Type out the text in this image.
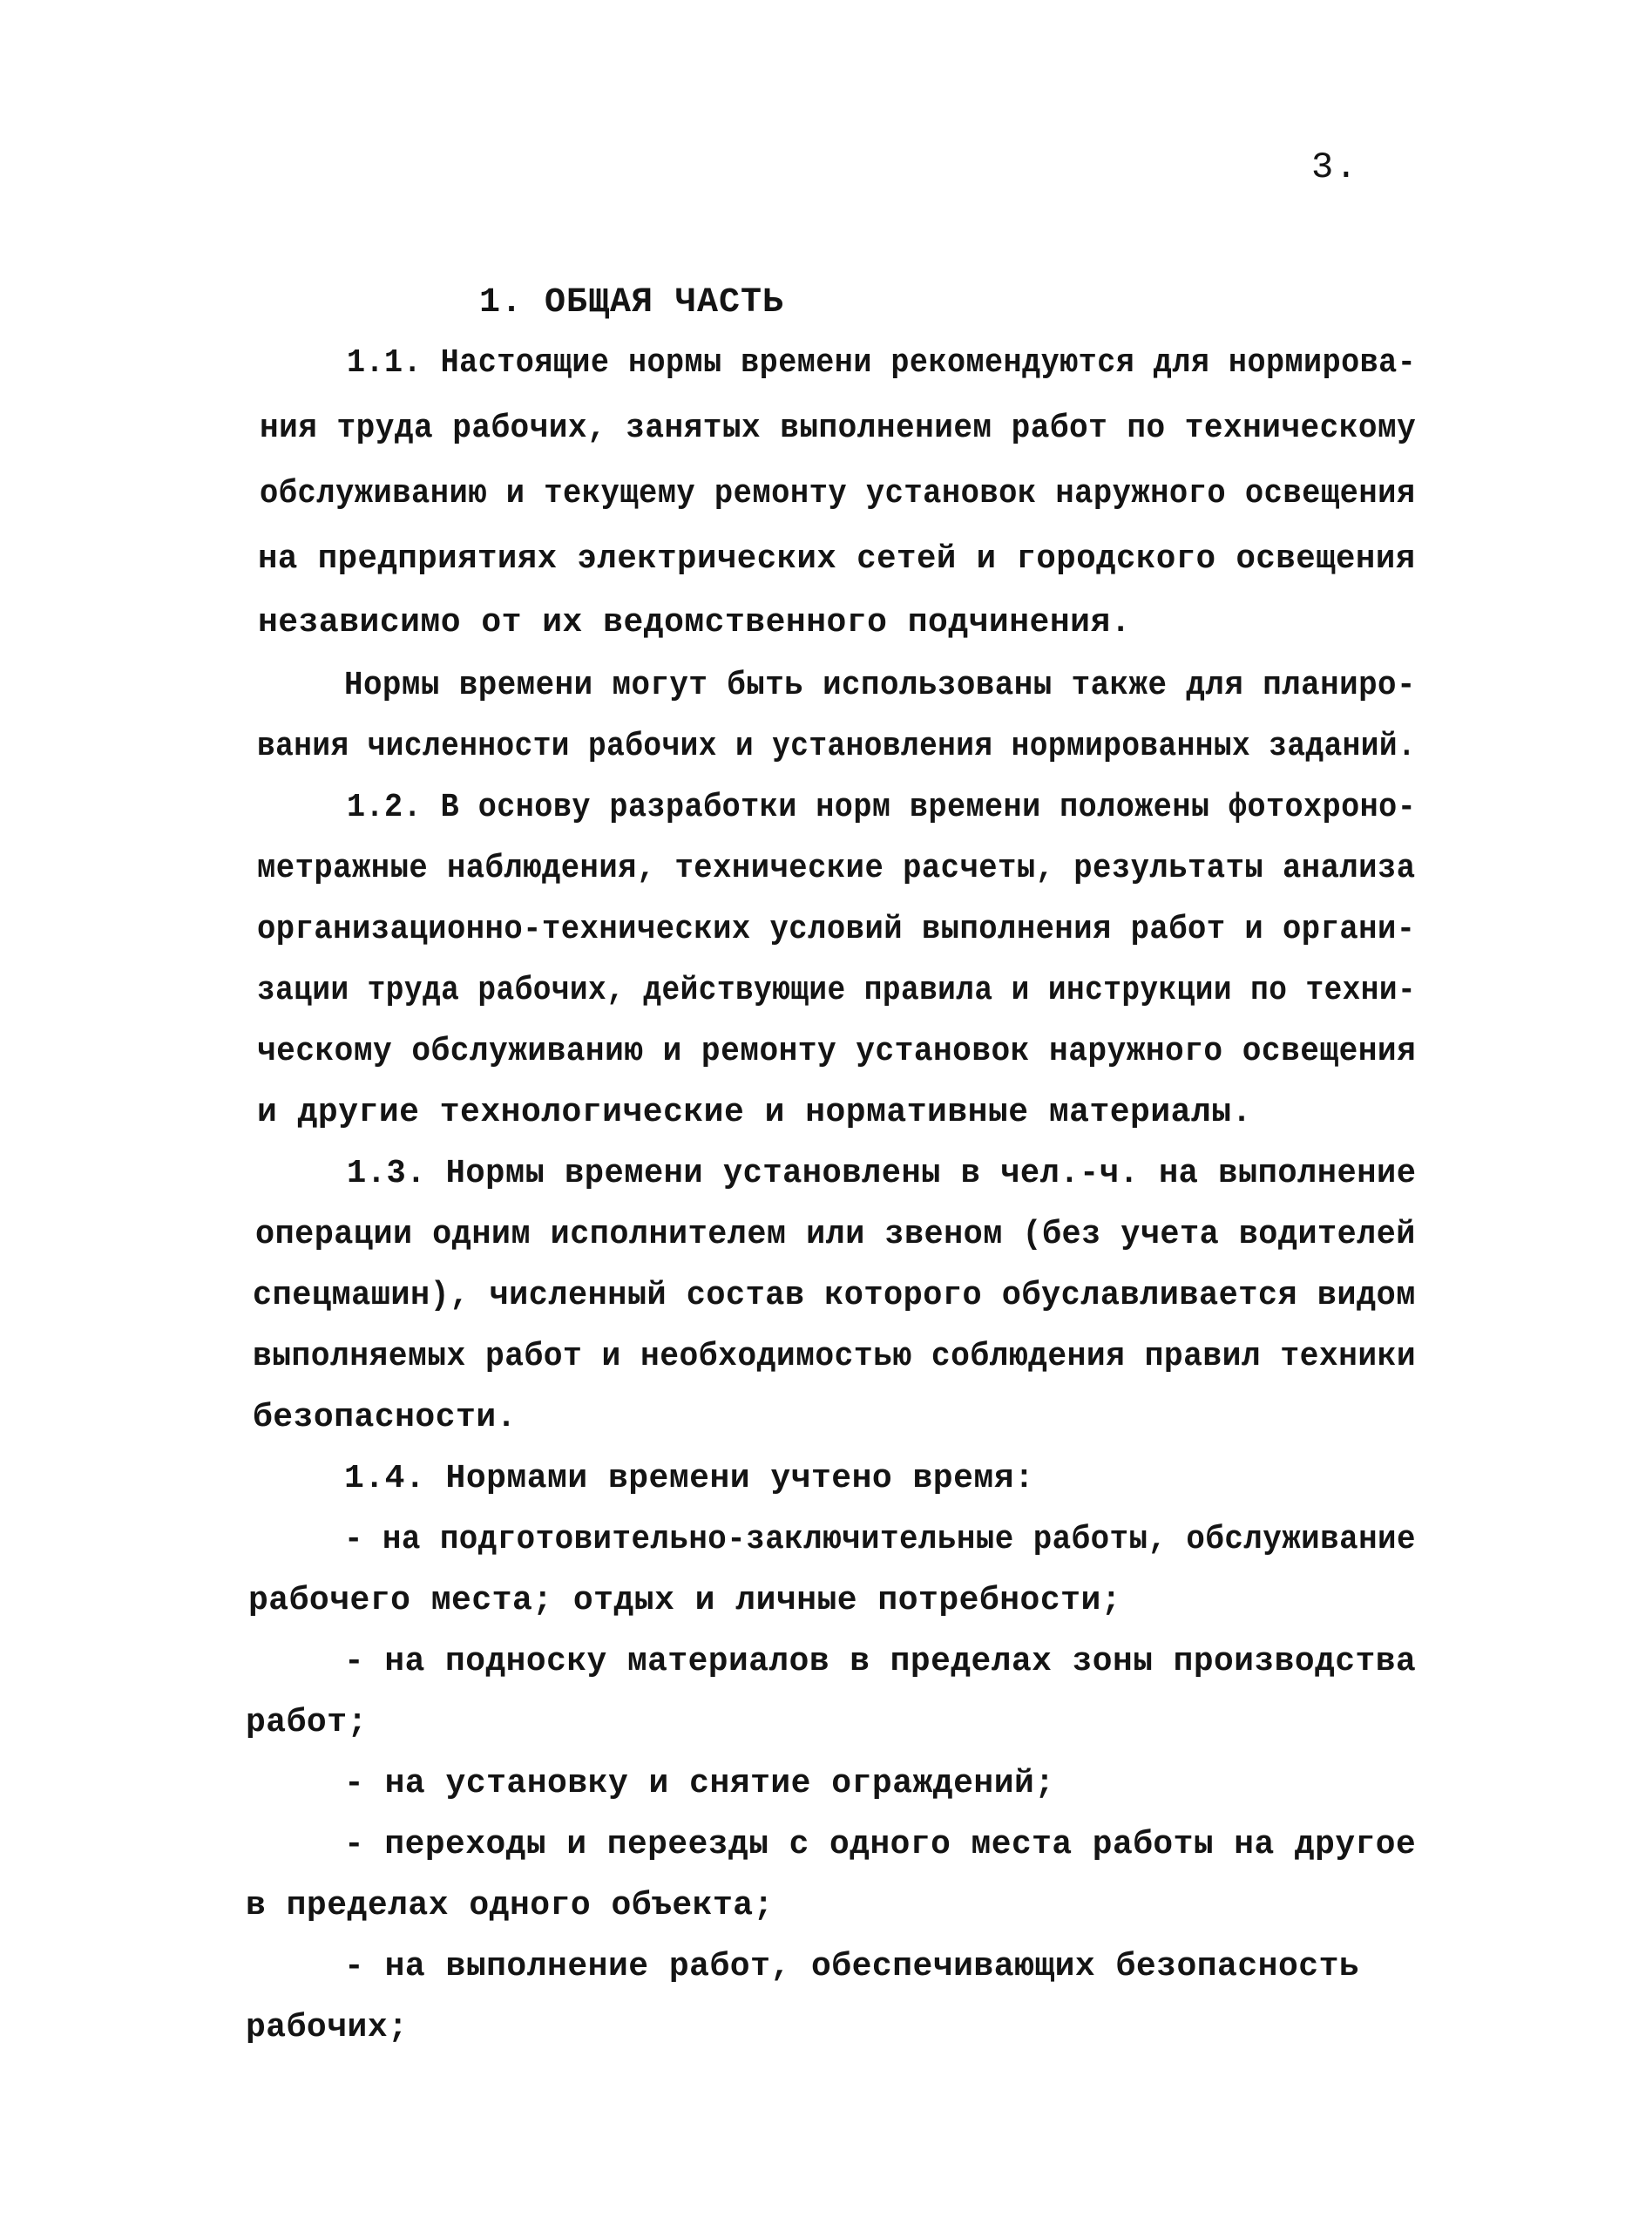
3.
1. ОБЩАЯ ЧАСТЬ
1.1. Настоящие нормы времени рекомендуются для нормирова-
ния труда рабочих, занятых выполнением работ по техническому
обслуживанию и текущему ремонту установок наружного освещения
на предприятиях электрических сетей и городского освещения
независимо от их ведомственного подчинения.
Нормы времени могут быть использованы также для планиро-
вания численности рабочих и установления нормированных заданий.
1.2. В основу разработки норм времени положены фотохроно-
метражные наблюдения, технические расчеты, результаты анализа
организационно-технических условий выполнения работ и органи-
зации труда рабочих, действующие правила и инструкции по техни-
ческому обслуживанию и ремонту установок наружного освещения
и другие технологические и нормативные материалы.
1.3. Нормы времени установлены в чел.-ч. на выполнение
операции одним исполнителем или звеном (без учета водителей
спецмашин), численный состав которого обуславливается видом
выполняемых работ и необходимостью соблюдения правил техники
безопасности.
1.4. Нормами времени учтено время:
- на подготовительно-заключительные работы, обслуживание
рабочего места; отдых и личные потребности;
- на подноску материалов в пределах зоны производства
работ;
- на установку и снятие ограждений;
- переходы и переезды с одного места работы на другое
в пределах одного объекта;
- на выполнение работ, обеспечивающих безопасность
рабочих;
